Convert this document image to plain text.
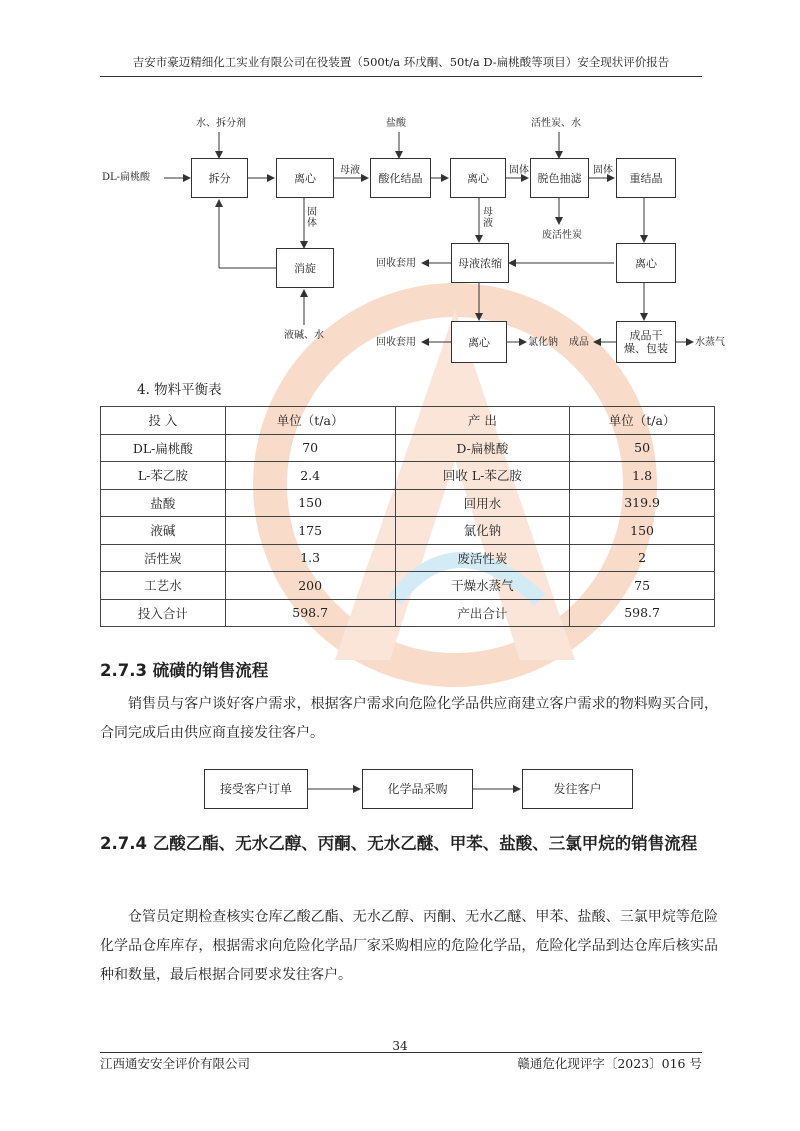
吉安市豪迈精细化工实业有限公司在役装置（500t/a 环戊酮、50t/a D-扁桃酸等项目）安全现状评价报告
拆分	离心	酸化结晶	离心	脱色抽滤	重结晶
消旋	母液浓缩
离心
离心
成品干燥、包装
DL-扁桃酸
水、拆分剂	盐酸	活性炭、水
母液	固体	固体
固体
母液
废活性炭
液碱、水
回收套用
回收套用	氯化钠 成品	水蒸气
4. 物料平衡表
投 入	单位（t/a）	产 出	单位（t/a）
DL-扁桃酸	70	D-扁桃酸	50
L-苯乙胺	2.4	回收 L-苯乙胺	1.8
盐酸	150	回用水	319.9
液碱	175	氯化钠	150
活性炭	1.3	废活性炭	2
工艺水	200	干燥水蒸气	75
投入合计	598.7	产出合计	598.7
2.7.3 硫磺的销售流程
销售员与客户谈好客户需求，根据客户需求向危险化学品供应商建立客户需求的物料购买合同，合同完成后由供应商直接发往客户。
接受客户订单	化学品采购	发往客户
2.7.4 乙酸乙酯、无水乙醇、丙酮、无水乙醚、甲苯、盐酸、三氯甲烷的销售流程
仓管员定期检查核实仓库乙酸乙酯、无水乙醇、丙酮、无水乙醚、甲苯、盐酸、三氯甲烷等危险化学品仓库库存，根据需求向危险化学品厂家采购相应的危险化学品，危险化学品到达仓库后核实品种和数量，最后根据合同要求发往客户。
34
江西通安安全评价有限公司	赣通危化现评字〔2023〕016 号
